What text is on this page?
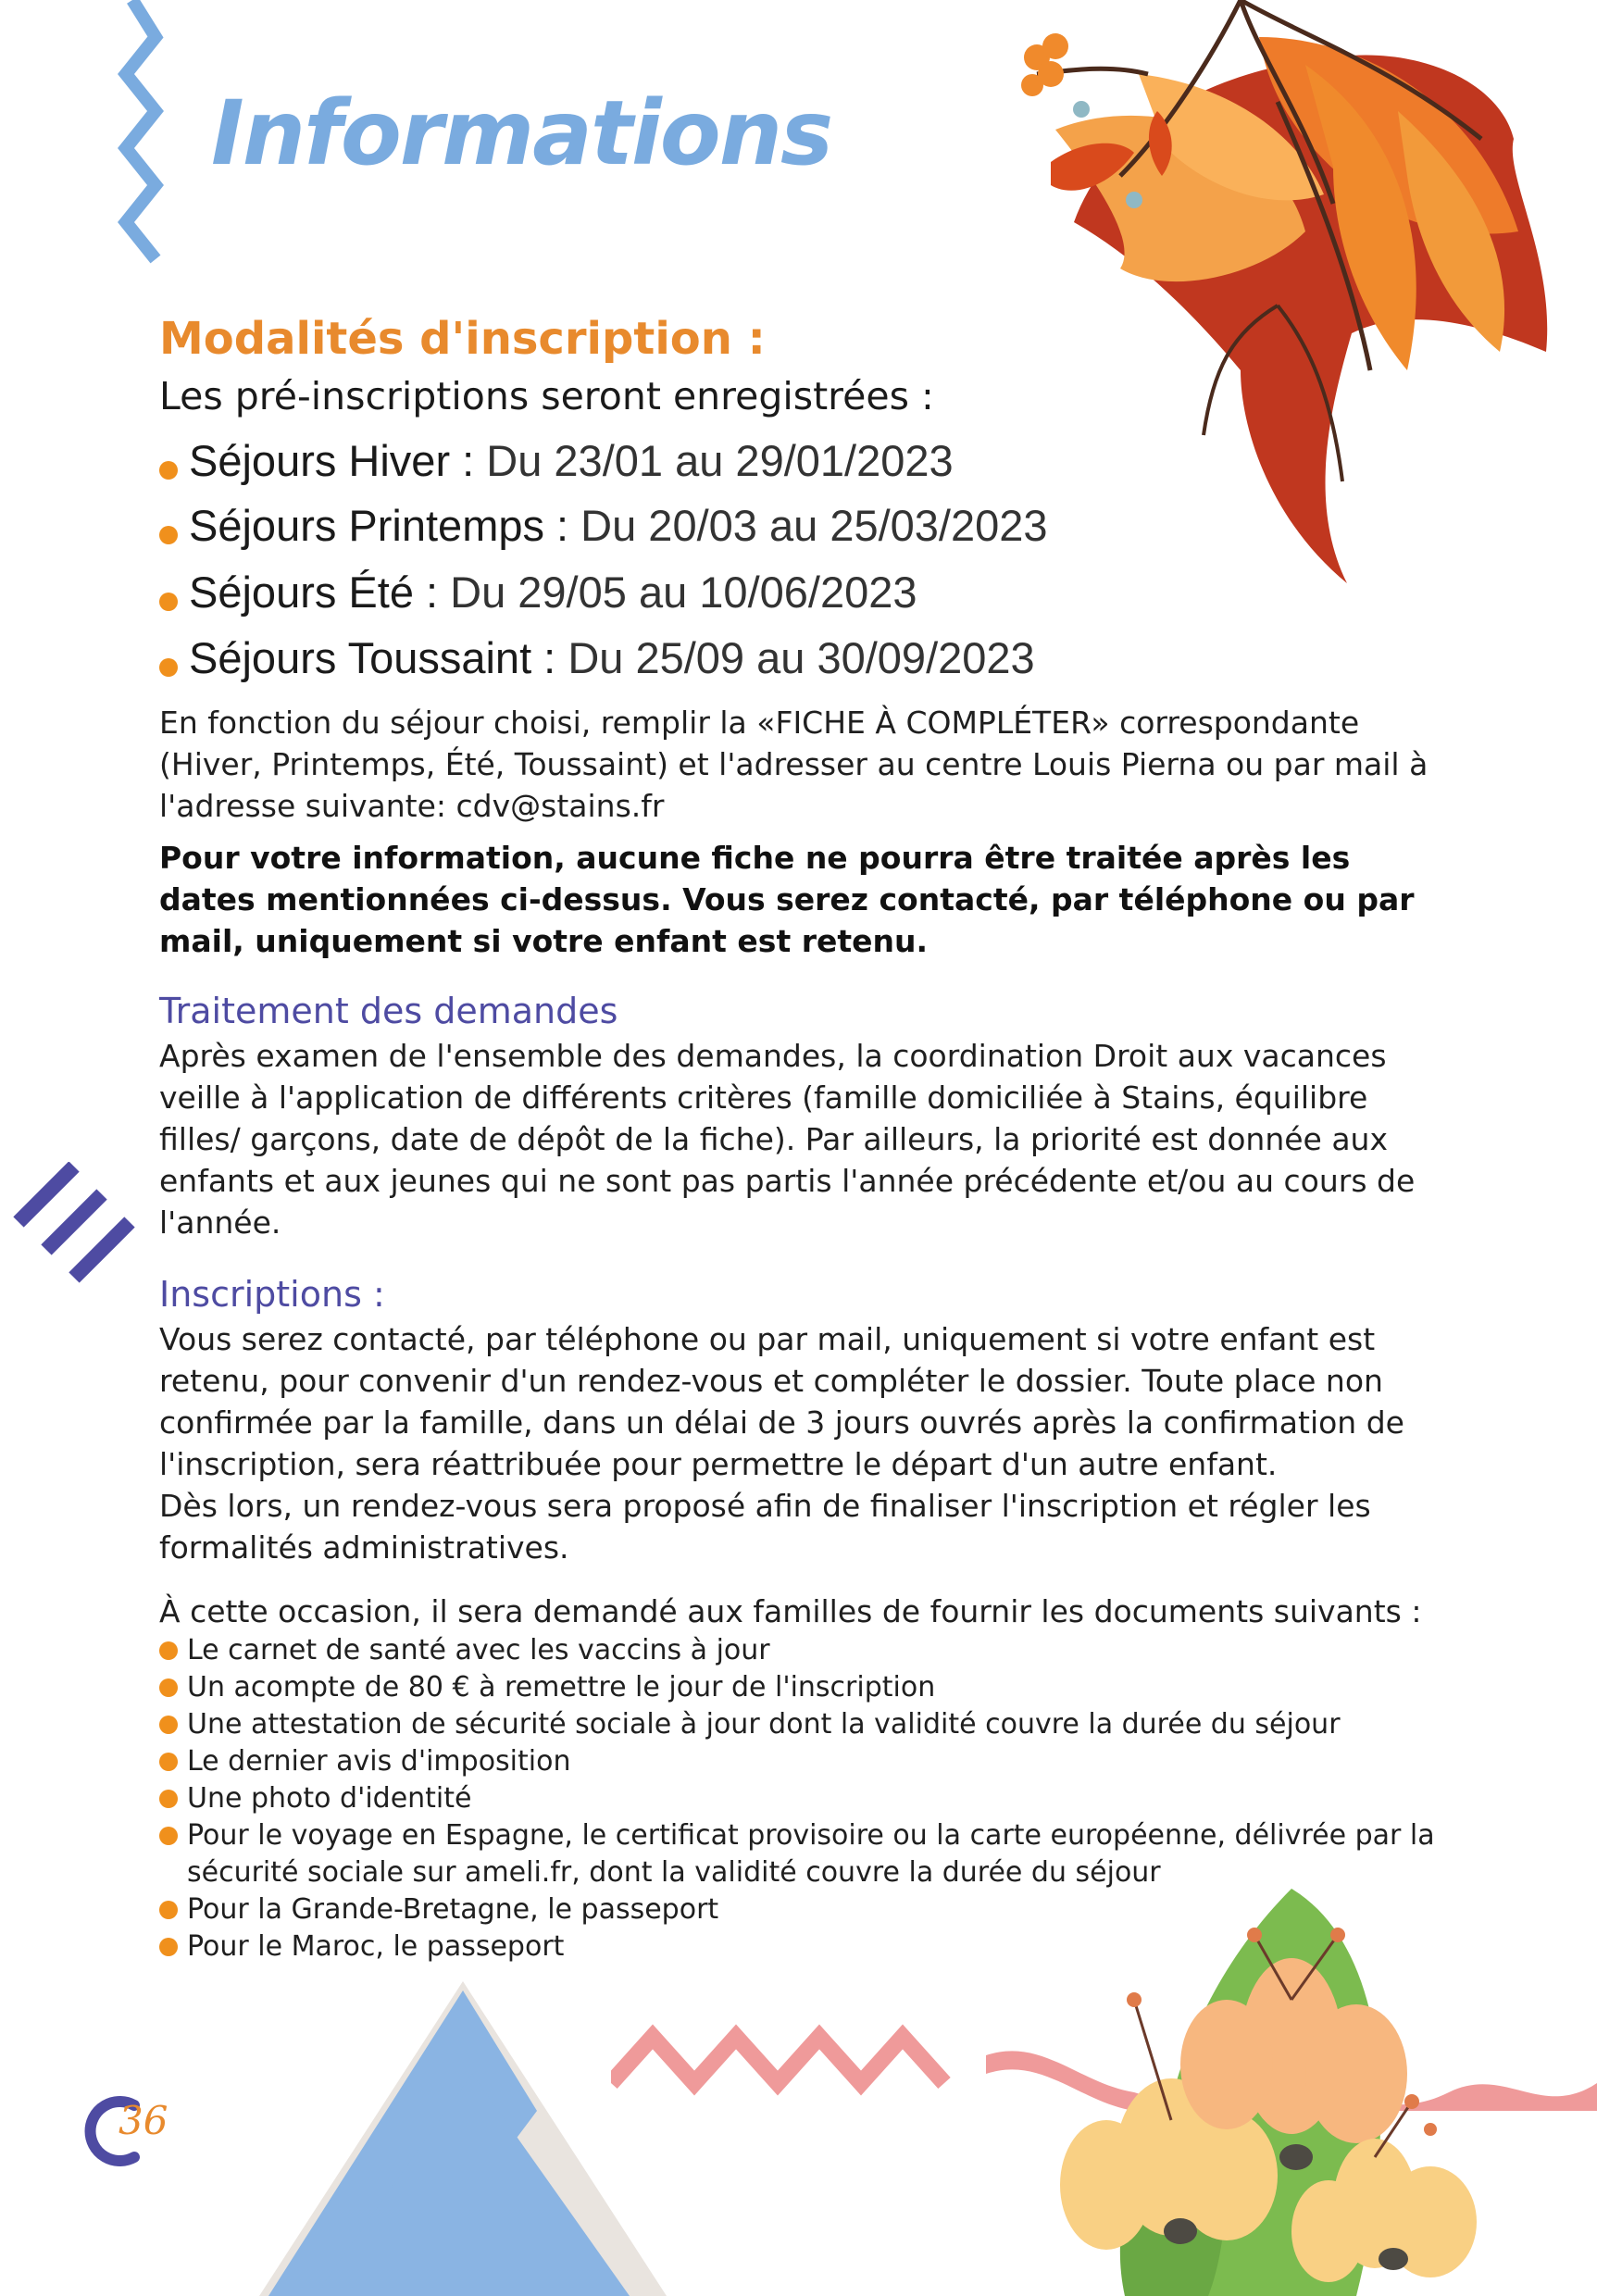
Informations
Modalités d'inscription :
Les pré-inscriptions seront enregistrées :
Séjours Hiver : Du 23/01 au 29/01/2023
Séjours Printemps : Du 20/03 au 25/03/2023
Séjours Été : Du 29/05 au 10/06/2023
Séjours Toussaint : Du 25/09 au 30/09/2023
En fonction du séjour choisi, remplir la «FICHE À COMPLÉTER» correspondante (Hiver, Printemps, Été, Toussaint) et l'adresser au centre Louis Pierna ou par mail à l'adresse suivante: cdv@stains.fr
Pour votre information, aucune fiche ne pourra être traitée après les dates mentionnées ci-dessus. Vous serez contacté, par téléphone ou par mail, uniquement si votre enfant est retenu.
Traitement des demandes
Après examen de l'ensemble des demandes, la coordination Droit aux vacances veille à l'application de différents critères (famille domiciliée à Stains, équilibre filles/ garçons, date de dépôt de la fiche). Par ailleurs, la priorité est donnée aux enfants et aux jeunes qui ne sont pas partis l'année précédente et/ou au cours de l'année.
Inscriptions :
Vous serez contacté, par téléphone ou par mail, uniquement si votre enfant est retenu, pour convenir d'un rendez-vous et compléter le dossier. Toute place non confirmée par la famille, dans un délai de 3 jours ouvrés après la confirmation de l'inscription, sera réattribuée pour permettre le départ d'un autre enfant.
Dès lors, un rendez-vous sera proposé afin de finaliser l'inscription et régler les formalités administratives.
À cette occasion, il sera demandé aux familles de fournir les documents suivants :
Le carnet de santé avec les vaccins à jour
Un acompte de 80 € à remettre le jour de l'inscription
Une attestation de sécurité sociale à jour dont la validité couvre la durée du séjour
Le dernier avis d'imposition
Une photo d'identité
Pour le voyage en Espagne, le certificat provisoire ou la carte européenne, délivrée par la sécurité sociale sur ameli.fr, dont la validité couvre la durée du séjour
Pour la Grande-Bretagne, le passeport
Pour le Maroc, le passeport
36
